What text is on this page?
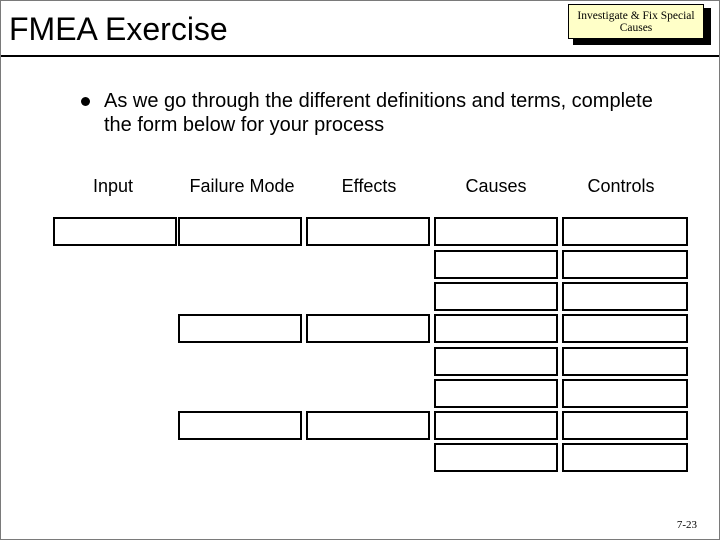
FMEA Exercise	Investigate & Fix Special Causes
As we go through the different definitions and terms, complete the form below for your process
Input	Failure Mode	Effects	Causes	Controls
7-23
